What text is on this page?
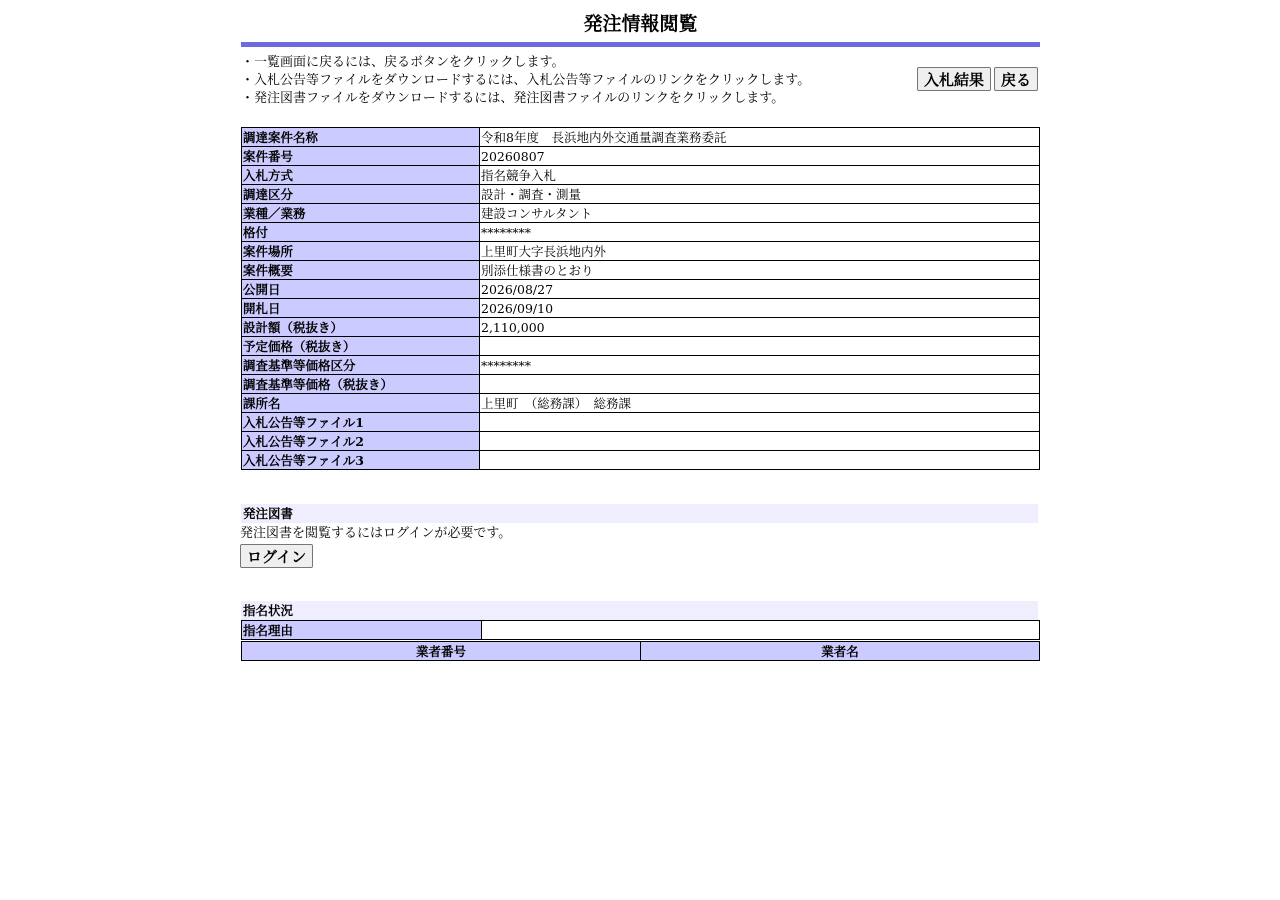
発注情報閲覧
・一覧画面に戻るには、戻るボタンをクリックします。
・入札公告等ファイルをダウンロードするには、入札公告等ファイルのリンクをクリックします。
・発注図書ファイルをダウンロードするには、発注図書ファイルのリンクをクリックします。
入札結果	戻る
調達案件名称	令和8年度　長浜地内外交通量調査業務委託
案件番号	20260807
入札方式	指名競争入札
調達区分	設計・調査・測量
業種／業務	建設コンサルタント
格付	********
案件場所	上里町大字長浜地内外
案件概要	別添仕様書のとおり
公開日	2026/08/27
開札日	2026/09/10
設計額（税抜き）	2,110,000
予定価格（税抜き）	
調査基準等価格区分	********
調査基準等価格（税抜き）	
課所名	上里町　（総務課）　総務課
入札公告等ファイル1	
入札公告等ファイル2	
入札公告等ファイル3	
発注図書
発注図書を閲覧するにはログインが必要です。
ログイン
指名状況
指名理由	
業者番号	業者名
